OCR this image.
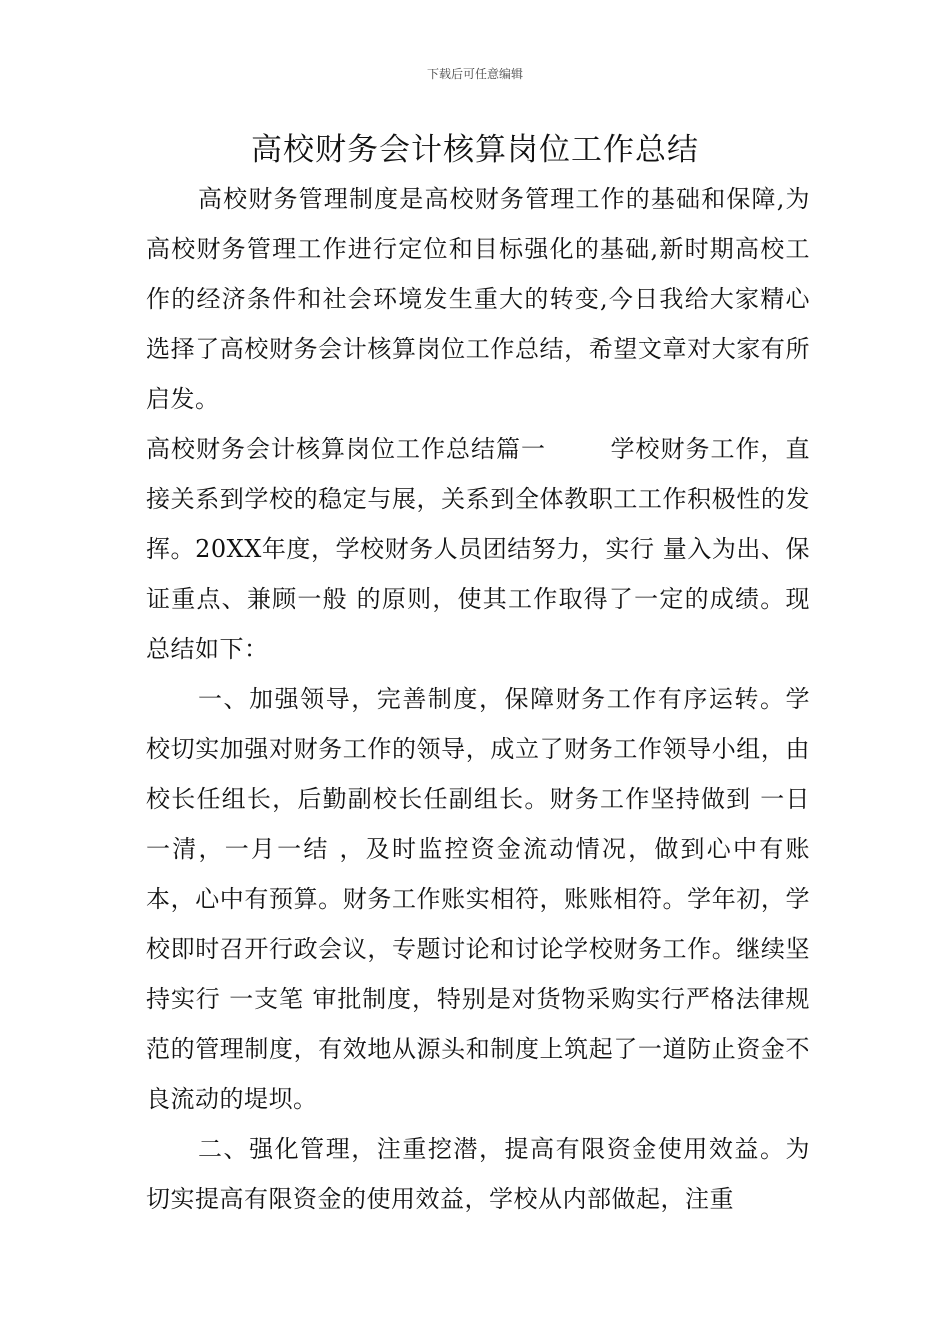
下载后可任意编辑
高校财务会计核算岗位工作总结

高校财务管理制度是高校财务管理工作的基础和保障,为高校财务管理工作进行定位和目标强化的基础,新时期高校工作的经济条件和社会环境发生重大的转变,今日我给大家精心选择了高校财务会计核算岗位工作总结，希望文章对大家有所启发。

高校财务会计核算岗位工作总结篇一	学校财务工作，直接关系到学校的稳定与展，关系到全体教职工工作积极性的发挥。20XX年度，学校财务人员团结努力，实行 量入为出、保证重点、兼顾一般 的原则，使其工作取得了一定的成绩。现总结如下：

一、加强领导，完善制度，保障财务工作有序运转。学校切实加强对财务工作的领导，成立了财务工作领导小组，由校长任组长，后勤副校长任副组长。财务工作坚持做到 一日一清，一月一结 ，及时监控资金流动情况，做到心中有账本，心中有预算。财务工作账实相符，账账相符。学年初，学校即时召开行政会议，专题讨论和讨论学校财务工作。继续坚持实行 一支笔 审批制度，特别是对货物采购实行严格法律规范的管理制度，有效地从源头和制度上筑起了一道防止资金不良流动的堤坝。

二、强化管理，注重挖潜，提高有限资金使用效益。为切实提高有限资金的使用效益，学校从内部做起，注重
